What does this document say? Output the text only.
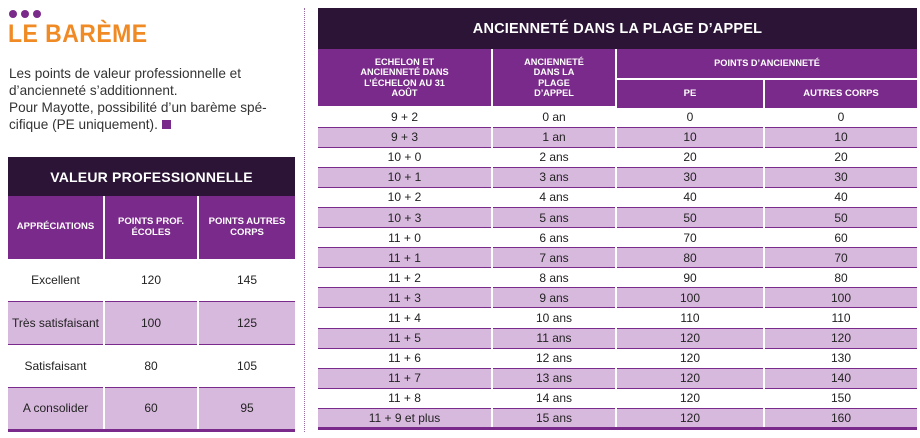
LE BARÈME

Les points de valeur professionnelle et d’ancienneté s’additionnent.

Pour Mayotte, possibilité d’un barème spé-cifique (PE uniquement).

VALEUR PROFESSIONNELLE		
APPRÉCIATIONS	POINTS PROF. ÉCOLES	POINTS AUTRES CORPS
Excellent	120	145
Très satisfaisant	100	125
Satisfaisant	80	105
A consolider	60	95
ANCIENNETÉ DANS LA PLAGE D’APPEL			
ECHELON ET ANCIENNETÉ DANS L’ÉCHELON AU 31 AOÛT	ANCIENNETÉ DANS LA PLAGE D’APPEL	POINTS D’ANCIENNETÉ	
		PE	AUTRES CORPS
9 + 2	0 an	0	0
9 + 3	1 an	10	10
10 + 0	2 ans	20	20
10 + 1	3 ans	30	30
10 + 2	4 ans	40	40
10 + 3	5 ans	50	50
11 + 0	6 ans	70	60
11 + 1	7 ans	80	70
11 + 2	8 ans	90	80
11 + 3	9 ans	100	100
11 + 4	10 ans	110	110
11 + 5	11 ans	120	120
11 + 6	12 ans	120	130
11 + 7	13 ans	120	140
11 + 8	14 ans	120	150
11 + 9 et plus	15 ans	120	160
